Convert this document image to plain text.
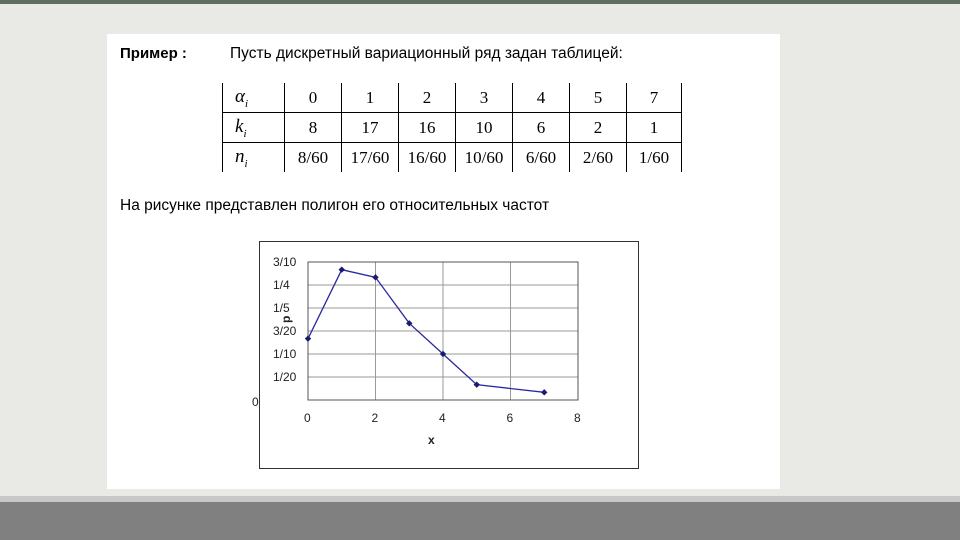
Пример :	Пусть дискретный вариационный ряд задан таблицей:
$\alpha_i$	0	1	2	3	4	5	7
$k_i$	8	17	16	10	6	2	1
$n_i$	8/60	17/60	16/60	10/60	6/60	2/60	1/60
На рисунке представлен полигон его относительных частот
0
1/20
1/10
3/20
1/5
1/4
3/10
0	2	4	6	8
x
p
